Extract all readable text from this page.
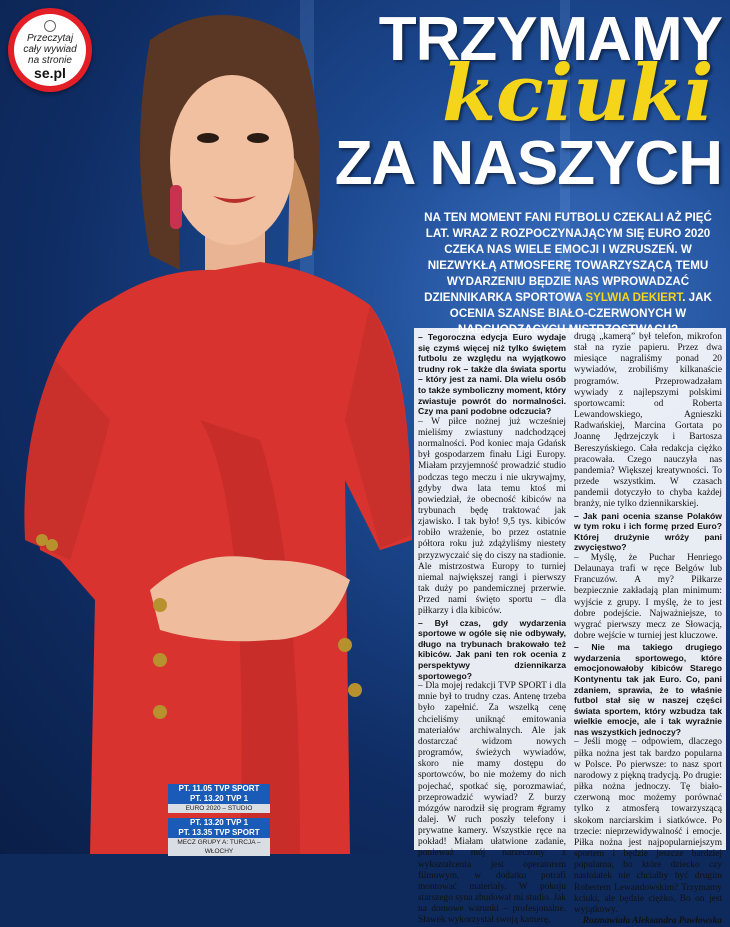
Przeczytaj
cały wywiad
na stronie
se.pl	TRZYMAMY
kciuki
ZA NASZYCH
NA TEN MOMENT FANI FUTBOLU CZEKALI AŻ PIĘĆ LAT. WRAZ Z ROZPOCZYNAJĄCYM SIĘ EURO 2020 CZEKA NAS WIELE EMOCJI I WZRUSZEŃ. W NIEZWYKŁĄ ATMOSFERĘ TOWARZYSZĄCĄ TEMU WYDARZENIU BĘDZIE NAS WPROWADZAĆ DZIENNIKARKA SPORTOWA SYLWIA DEKIERT. JAK OCENIA SZANSE BIAŁO-CZERWONYCH W

– Tegoroczna edycja Euro wydaje się czymś więcej niż tylko świętem futbolu ze względu na wyjątkowo trudny rok – także dla świata sportu – który jest za nami. Dla wielu osób to także symboliczny moment, który zwiastuje powrót do normalności. Czy ma pani podobne odczucia?

– W piłce nożnej już wcześniej mieliśmy zwiastuny nadchodzącej normalności. Pod koniec maja Gdańsk był gospodarzem finału Ligi Europy. Miałam przyjemność prowadzić studio podczas tego meczu i nie ukrywajmy, gdyby dwa lata temu ktoś mi powiedział, że obecność kibiców na trybunach będę traktować jak zjawisko. I tak było! 9,5 tys. kibiców robiło wrażenie, bo przez ostatnie półtora roku już zdążyliśmy niestety przyzwyczaić się do ciszy na stadionie. Ale mistrzostwa Europy to turniej niemal największej rangi i pierwszy tak duży po pandemicznej przerwie. Przed nami święto sportu – dla piłkarzy i dla kibiców.

– Był czas, gdy wydarzenia sportowe w ogóle się nie odbywały, długo na trybunach brakowało też kibiców. Jak pani ten rok ocenia z perspektywy dziennikarza sportowego?

– Dla mojej redakcji TVP SPORT i dla mnie był to trudny czas. Antenę trzeba było zapełnić. Za wszelką cenę chcieliśmy uniknąć emitowania materiałów archiwalnych. Ale jak dostarczać widzom nowych programów, świeżych wywiadów, skoro nie mamy dostępu do sportowców, bo nie możemy do nich pojechać, spotkać się, porozmawiać, przeprowadzić wywiad? Z burzy mózgów narodził się program #gramy dalej. W ruch poszły telefony i prywatne kamery. Wszystkie ręce na pokład! Miałam ułatwione zadanie, ponieważ mój narzeczony z wykształcenia jest operatorem filmowym, w dodatku potrafi montować materiały. W pokoju starszego syna zbudował mi studio. Jak na domowe warunki – profesjonalne. Sławek wykorzystał swoją kamerę,

drugą „kamerą” był telefon, mikrofon stał na ryzie papieru. Przez dwa miesiące nagraliśmy ponad 20 wywiadów, zrobiliśmy kilkanaście programów. Przeprowadzałam wywiady z najlepszymi polskimi sportowcami: od Roberta Lewandowskiego, Agnieszki Radwańskiej, Marcina Gortata po Joannę Jędrzejczyk i Bartosza Bereszyńskiego. Cała redakcja ciężko pracowała. Czego nauczyła nas pandemia? Większej kreatywności. To przede wszystkim. W czasach pandemii dotyczyło to chyba każdej branży, nie tylko dziennikarskiej.

– Jak pani ocenia szanse Polaków w tym roku i ich formę przed Euro? Której drużynie wróży pani zwycięstwo?

– Myślę, że Puchar Henriego Delaunaya trafi w ręce Belgów lub Francuzów. A my? Piłkarze bezpiecznie zakładają plan minimum: wyjście z grupy. I myślę, że to jest dobre podejście. Najważniejsze, to wygrać pierwszy mecz ze Słowacją, dobre wejście w turniej jest kluczowe.

– Nie ma takiego drugiego wydarzenia sportowego, które emocjonowałoby kibiców Starego Kontynentu tak jak Euro. Co, pani zdaniem, sprawia, że to właśnie futbol stał się w naszej części świata sportem, który wzbudza tak wielkie emocje, ale i tak wyraźnie nas wszystkich jednoczy?

– Jeśli mogę – odpowiem, dlaczego piłka nożna jest tak bardzo popularna w Polsce. Po pierwsze: to nasz sport narodowy z piękną tradycją. Po drugie: piłka nożna jednoczy. Tę biało-czerwoną moc możemy porównać tylko z atmosferą towarzyszącą skokom narciarskim i siatkówce. Po trzecie: nieprzewidywalność i emocje. Piłka nożna jest najpopularniejszym sportem i będzie jeszcze bardziej popularna, bo które dziecko czy nastolatek nie chciałby być drugim Robertem Lewandowskim? Trzymamy kciuki, ale będzie ciężko. Bo on jest wyjątkowy.

Rozmawiała Aleksandra Pawłowska

PT. 11.05 TVP SPORT
PT. 13.20 TVP 1
EURO 2020 – STUDIO
PT. 13.20 TVP 1
PT. 13.35 TVP SPORT
MECZ GRUPY A: TURCJA – WŁOCHY
